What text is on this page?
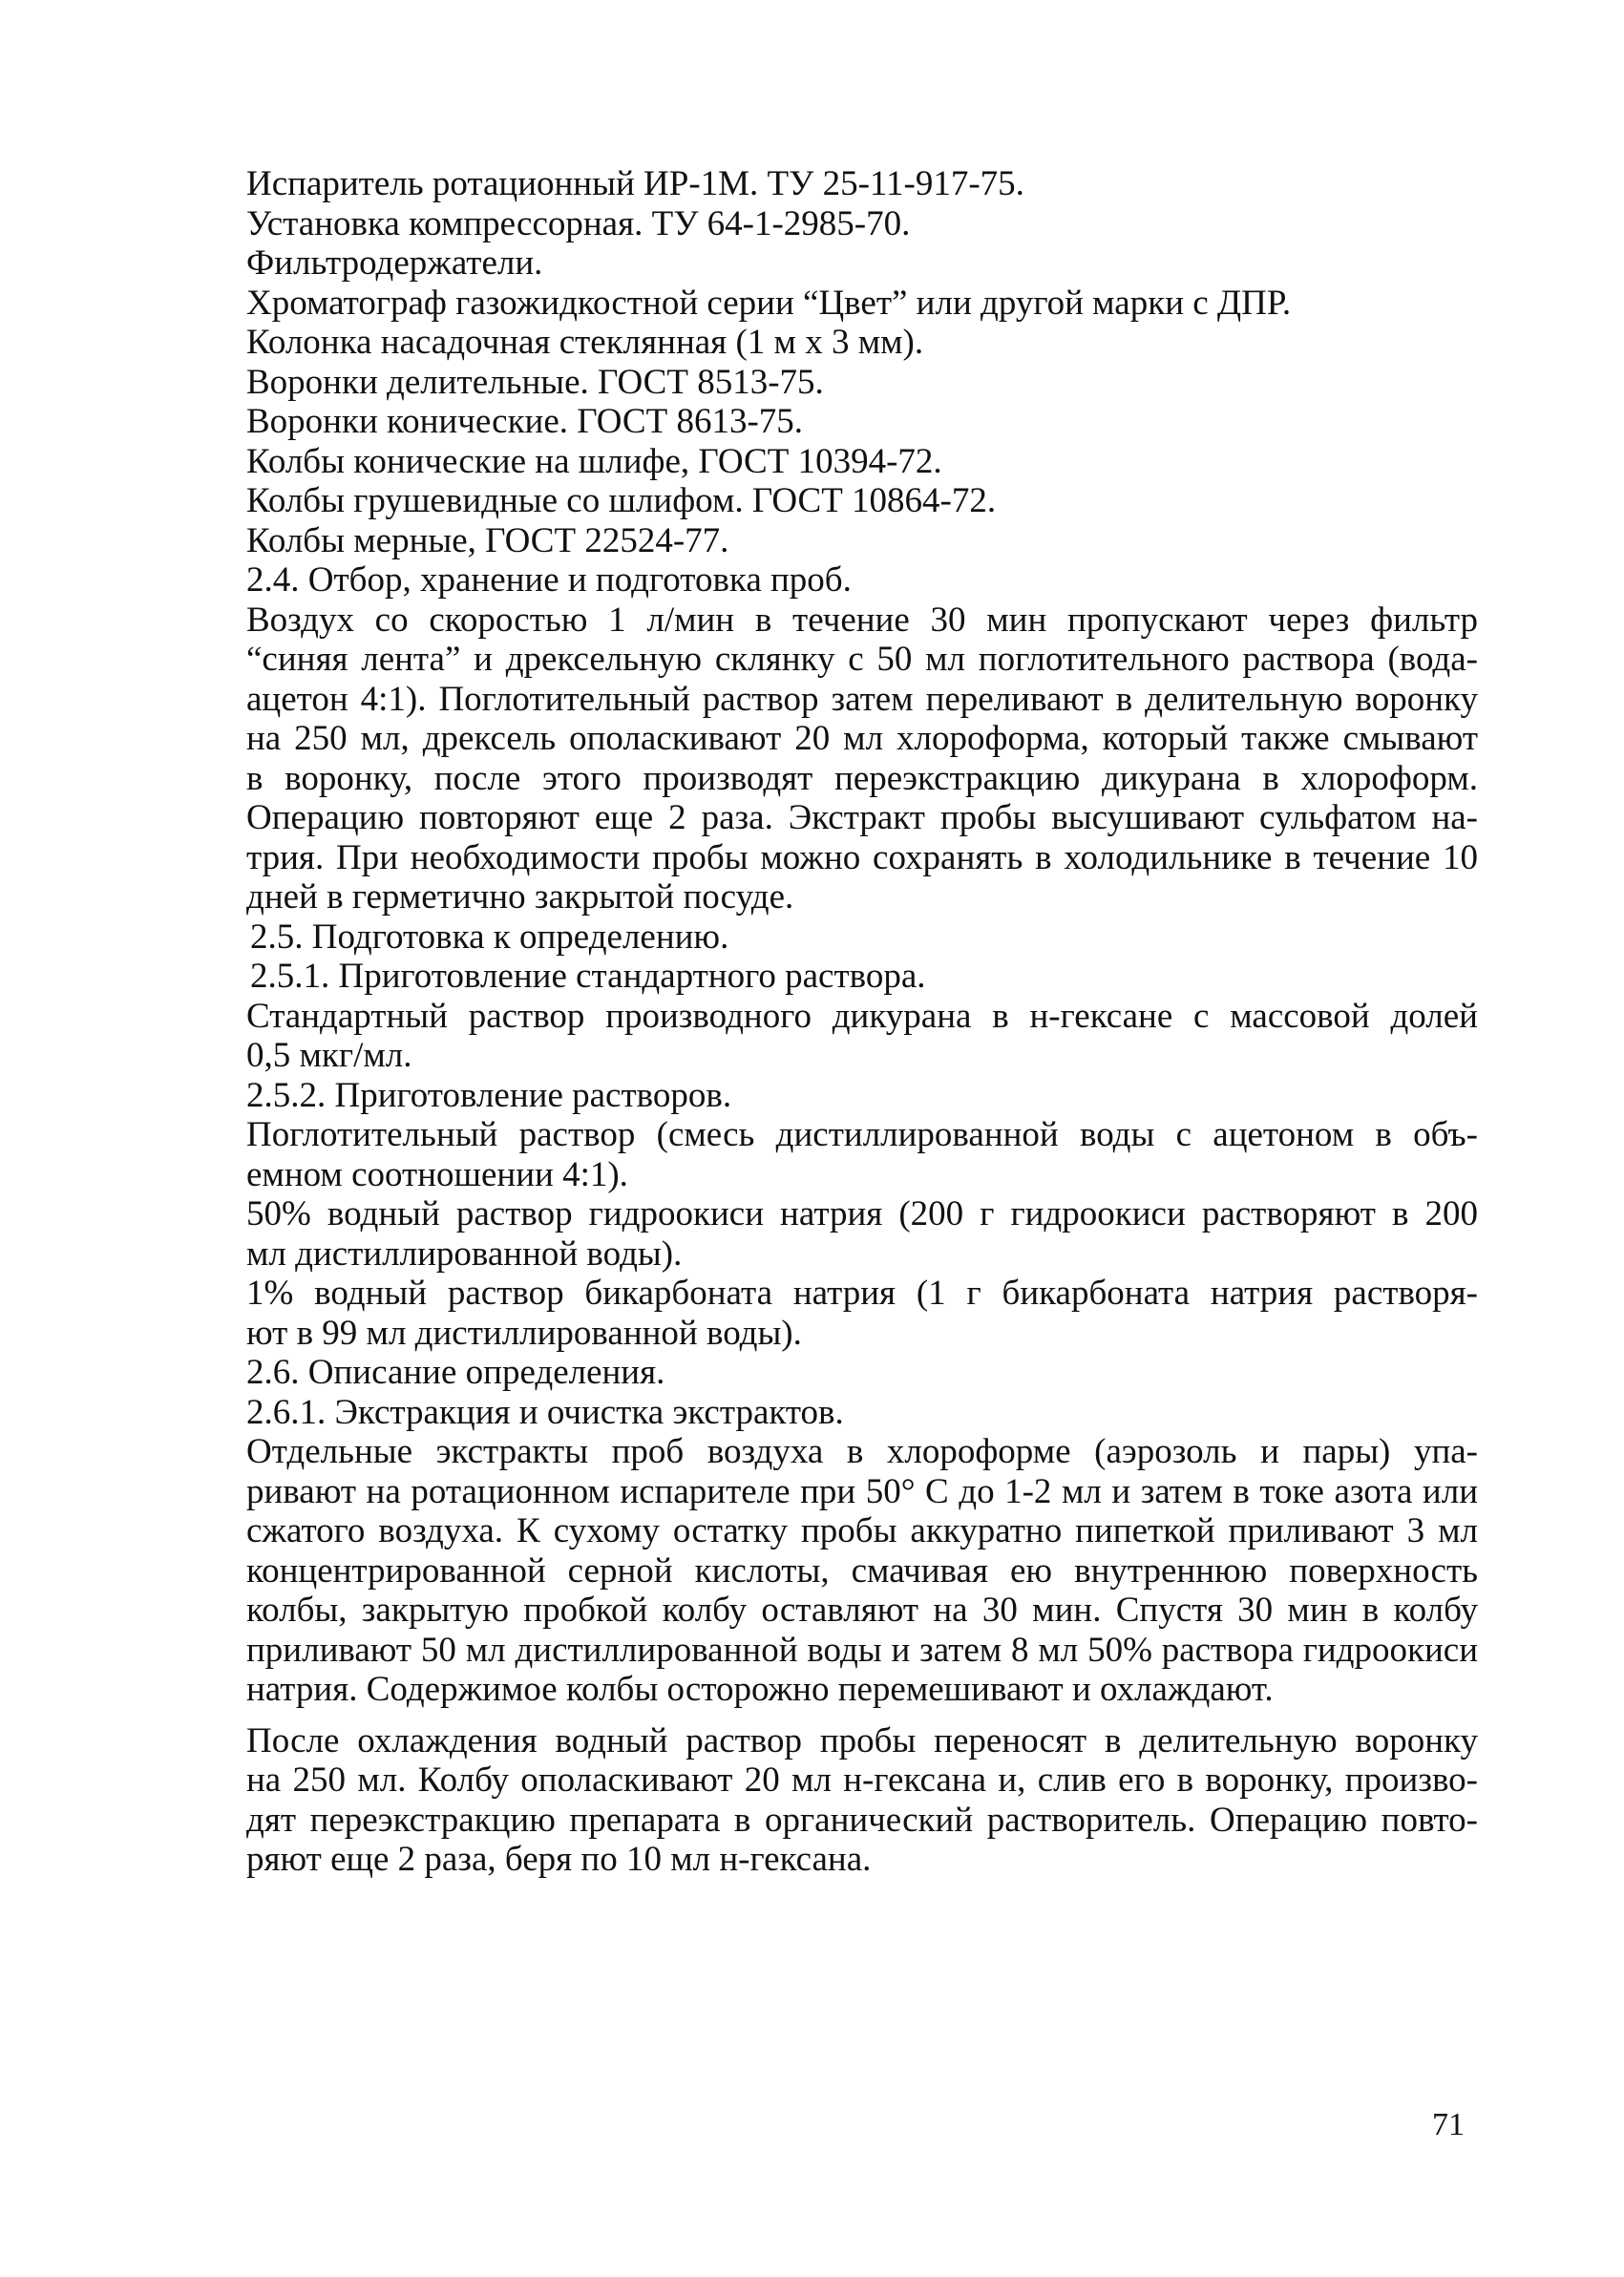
Испаритель ротационный ИР-1М. ТУ 25-11-917-75.
Установка компрессорная. ТУ 64-1-2985-70.
Фильтродержатели.
Хроматограф газожидкостной серии “Цвет” или другой марки с ДПР.
Колонка насадочная стеклянная (1 м х 3 мм).
Воронки делительные. ГОСТ 8513-75.
Воронки конические. ГОСТ 8613-75.
Колбы конические на шлифе, ГОСТ 10394-72.
Колбы грушевидные со шлифом. ГОСТ 10864-72.
Колбы мерные, ГОСТ 22524-77.
2.4. Отбор, хранение и подготовка проб.
Воздух со скоростью 1 л/мин в течение 30 мин пропускают через фильтр
“синяя лента” и дрексельную склянку с 50 мл поглотительного раствора (вода-
ацетон 4:1). Поглотительный раствор затем переливают в делительную воронку
на 250 мл, дрексель ополаскивают 20 мл хлороформа, который также смывают
в воронку, после этого производят переэкстракцию дикурана в хлороформ.
Операцию повторяют еще 2 раза. Экстракт пробы высушивают сульфатом на-
трия. При необходимости пробы можно сохранять в холодильнике в течение 10
дней в герметично закрытой посуде.
2.5. Подготовка к определению.
2.5.1. Приготовление стандартного раствора.
Стандартный раствор производного дикурана в н-гексане с массовой долей
0,5 мкг/мл.
2.5.2. Приготовление растворов.
Поглотительный раствор (смесь дистиллированной воды с ацетоном в объ-
емном соотношении 4:1).
50% водный раствор гидроокиси натрия (200 г гидроокиси растворяют в 200
мл дистиллированной воды).
1% водный раствор бикарбоната натрия (1 г бикарбоната натрия растворя-
ют в 99 мл дистиллированной воды).
2.6. Описание определения.
2.6.1. Экстракция и очистка экстрактов.
Отдельные экстракты проб воздуха в хлороформе (аэрозоль и пары) упа-
ривают на ротационном испарителе при 50° С до 1-2 мл и затем в токе азота или
сжатого воздуха. К сухому остатку пробы аккуратно пипеткой приливают 3 мл
концентрированной серной кислоты, смачивая ею внутреннюю поверхность
колбы, закрытую пробкой колбу оставляют на 30 мин. Спустя 30 мин в колбу
приливают 50 мл дистиллированной воды и затем 8 мл 50% раствора гидроокиси
натрия. Содержимое колбы осторожно перемешивают и охлаждают.
После охлаждения водный раствор пробы переносят в делительную воронку
на 250 мл. Колбу ополаскивают 20 мл н-гексана и, слив его в воронку, произво-
дят переэкстракцию препарата в органический растворитель. Операцию повто-
ряют еще 2 раза, беря по 10 мл н-гексана.
71
